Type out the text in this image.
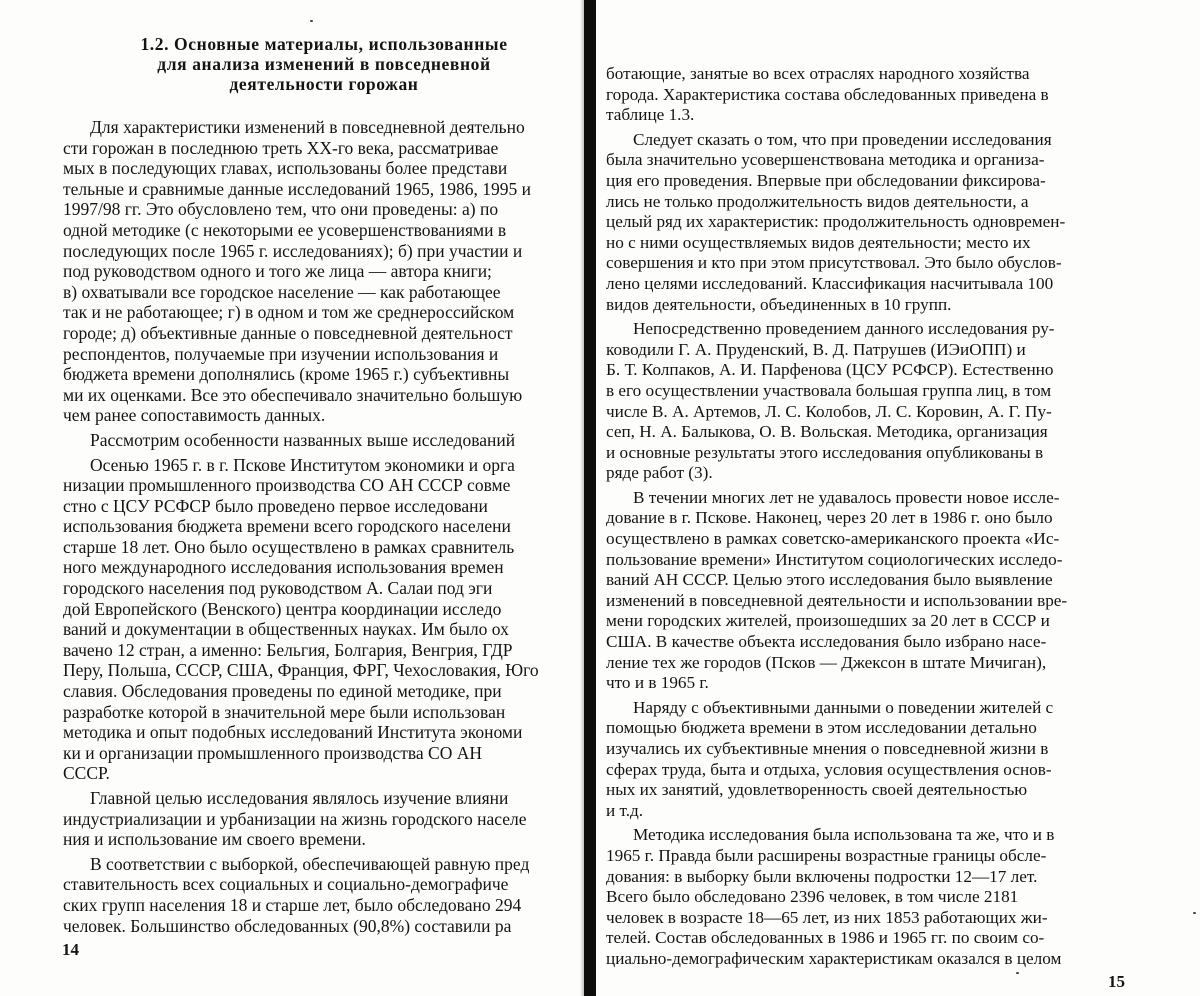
1.2. Основные материалы, использованные
для анализа изменений в повседневной
деятельности горожан
Для характеристики изменений в повседневной деятельно
сти горожан в последнюю треть XX-го века, рассматривае
мых в последующих главах, использованы более представи
тельные и сравнимые данные исследований 1965, 1986, 1995 и
1997/98 гг. Это обусловлено тем, что они проведены: а) по
одной методике (с некоторыми ее усовершенствованиями в
последующих после 1965 г. исследованиях); б) при участии и
под руководством одного и того же лица — автора книги;
в) охватывали все городское население — как работающее
так и не работающее; г) в одном и том же среднероссийском
городе; д) объективные данные о повседневной деятельност
респондентов, получаемые при изучении использования и
бюджета времени дополнялись (кроме 1965 г.) субъективны
ми их оценками. Все это обеспечивало значительно большую
чем ранее сопоставимость данных.
Рассмотрим особенности названных выше исследований
Осенью 1965 г. в г. Пскове Институтом экономики и орга
низации промышленного производства СО АН СССР совме
стно с ЦСУ РСФСР было проведено первое исследовани
использования бюджета времени всего городского населени
старше 18 лет. Оно было осуществлено в рамках сравнитель
ного международного исследования использования времен
городского населения под руководством А. Салаи под эги
дой Европейского (Венского) центра координации исследо
ваний и документации в общественных науках. Им было ох
вачено 12 стран, а именно: Бельгия, Болгария, Венгрия, ГДР
Перу, Польша, СССР, США, Франция, ФРГ, Чехословакия, Юго
славия. Обследования проведены по единой методике, при
разработке которой в значительной мере были использован
методика и опыт подобных исследований Института экономи
ки и организации промышленного производства СО АН
СССР.
Главной целью исследования являлось изучение влияни
индустриализации и урбанизации на жизнь городского населе
ния и использование им своего времени.
В соответствии с выборкой, обеспечивающей равную пред
ставительность всех социальных и социально-демографиче
ских групп населения 18 и старше лет, было обследовано 294
человек. Большинство обследованных (90,8%) составили ра
14
ботающие, занятые во всех отраслях народного хозяйства
города. Характеристика состава обследованных приведена в
таблице 1.3.
Следует сказать о том, что при проведении исследования
была значительно усовершенствована методика и организа-
ция его проведения. Впервые при обследовании фиксирова-
лись не только продолжительность видов деятельности, а
целый ряд их характеристик: продолжительность одновремен-
но с ними осуществляемых видов деятельности; место их
совершения и кто при этом присутствовал. Это было обуслов-
лено целями исследований. Классификация насчитывала 100
видов деятельности, объединенных в 10 групп.
Непосредственно проведением данного исследования ру-
ководили Г. А. Пруденский, В. Д. Патрушев (ИЭиОПП) и
Б. Т. Колпаков, А. И. Парфенова (ЦСУ РСФСР). Естественно
в его осуществлении участвовала большая группа лиц, в том
числе В. А. Артемов, Л. С. Колобов, Л. С. Коровин, А. Г. Пу-
сеп, Н. А. Балыкова, О. В. Вольская. Методика, организация
и основные результаты этого исследования опубликованы в
ряде работ (3).
В течении многих лет не удавалось провести новое иссле-
дование в г. Пскове. Наконец, через 20 лет в 1986 г. оно было
осуществлено в рамках советско-американского проекта «Ис-
пользование времени» Институтом социологических исследо-
ваний АН СССР. Целью этого исследования было выявление
изменений в повседневной деятельности и использовании вре-
мени городских жителей, произошедших за 20 лет в СССР и
США. В качестве объекта исследования было избрано насе-
ление тех же городов (Псков — Джексон в штате Мичиган),
что и в 1965 г.
Наряду с объективными данными о поведении жителей с
помощью бюджета времени в этом исследовании детально
изучались их субъективные мнения о повседневной жизни в
сферах труда, быта и отдыха, условия осуществления основ-
ных их занятий, удовлетворенность своей деятельностью
и т.д.
Методика исследования была использована та же, что и в
1965 г. Правда были расширены возрастные границы обсле-
дования: в выборку были включены подростки 12—17 лет.
Всего было обследовано 2396 человек, в том числе 2181
человек в возрасте 18—65 лет, из них 1853 работающих жи-
телей. Состав обследованных в 1986 и 1965 гг. по своим со-
циально-демографическим характеристикам оказался в целом
15
